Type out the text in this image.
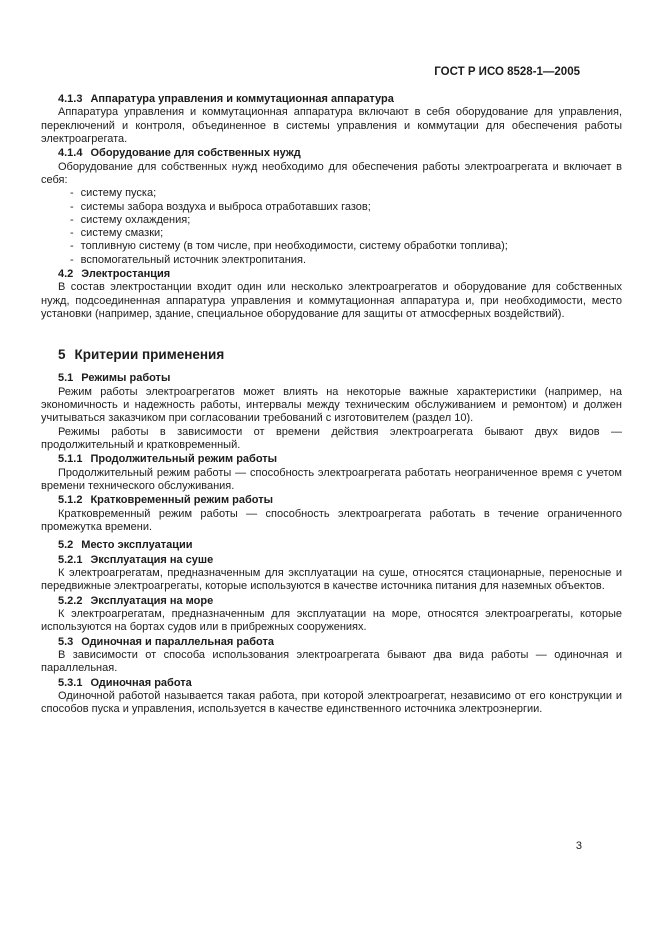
ГОСТ Р ИСО 8528-1—2005
4.1.3 Аппаратура управления и коммутационная аппаратура

Аппаратура управления и коммутационная аппаратура включают в себя оборудование для управления, переключений и контроля, объединенное в системы управления и коммутации для обеспечения работы электроагрегата.

4.1.4 Оборудование для собственных нужд

Оборудование для собственных нужд необходимо для обеспечения работы электроагрегата и включает в себя:

- систему пуска;
- системы забора воздуха и выброса отработавших газов;
- систему охлаждения;
- систему смазки;
- топливную систему (в том числе, при необходимости, систему обработки топлива);
- вспомогательный источник электропитания.
4.2 Электростанция

В состав электростанции входит один или несколько электроагрегатов и оборудование для собственных нужд, подсоединенная аппаратура управления и коммутационная аппаратура и, при необходимости, место установки (например, здание, специальное оборудование для защиты от атмосферных воздействий).

5 Критерии применения
5.1 Режимы работы

Режим работы электроагрегатов может влиять на некоторые важные характеристики (например, на экономичность и надежность работы, интервалы между техническим обслуживанием и ремонтом) и должен учитываться заказчиком при согласовании требований с изготовителем (раздел 10).

Режимы работы в зависимости от времени действия электроагрегата бывают двух видов — продолжительный и кратковременный.

5.1.1 Продолжительный режим работы

Продолжительный режим работы — способность электроагрегата работать неограниченное время с учетом времени технического обслуживания.

5.1.2 Кратковременный режим работы

Кратковременный режим работы — способность электроагрегата работать в течение ограниченного промежутка времени.

5.2 Место эксплуатации
5.2.1 Эксплуатация на суше

К электроагрегатам, предназначенным для эксплуатации на суше, относятся стационарные, переносные и передвижные электроагрегаты, которые используются в качестве источника питания для наземных объектов.

5.2.2 Эксплуатация на море

К электроагрегатам, предназначенным для эксплуатации на море, относятся электроагрегаты, которые используются на бортах судов или в прибрежных сооружениях.

5.3 Одиночная и параллельная работа

В зависимости от способа использования электроагрегата бывают два вида работы — одиночная и параллельная.

5.3.1 Одиночная работа

Одиночной работой называется такая работа, при которой электроагрегат, независимо от его конструкции и способов пуска и управления, используется в качестве единственного источника электроэнергии.

3
